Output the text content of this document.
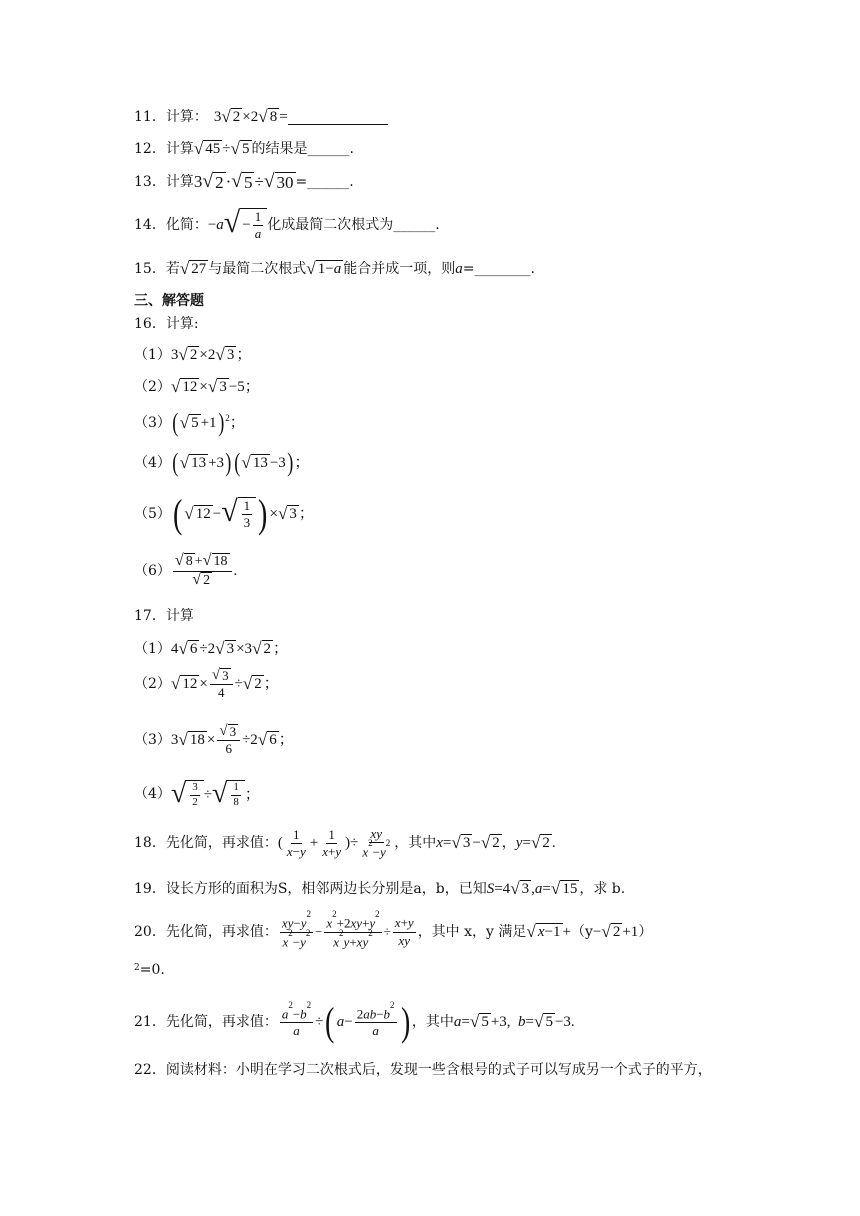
11．计算： 3 √ 2 ×2 √ 8 =
12．计算 √ 45 ÷ √ 5 的结果是______.
13．计算 3 √ 2 · √ 5 ÷ √ 30 =______.
14．化简： − a √ − $\frac{1}{a}$ 化成最简二次根式为______.
15．若 √ 27 与最简二次根式 √ 1−a 能合并成一项，则 a =________.
三、解答题
16．计算:
（1） 3 √ 2 ×2 √ 3 ；
（2） √ 12 × √ 3 −5；
（3） ( √ 5 +1 ) 2 ；
（4） ( √ 13 +3 ) ( √ 13 −3 ) ；
（5） ( √ 12 − √ $\frac{1}{3}$ ) × √ 3 ；
$(6) \frac{√ 8 + √ 18}{√ 2}$ .
17．计算
（1） 4 √ 6 ÷2 √ 3 ×3 √ 2 ；
（2） √ $12 \times \frac{√ 3}{4}$ ÷ √ 2 ；
（3） 3 √ $18 \times \frac{√ 3}{6} \div 2$ √ 6 ；
（4） √ $\frac{3}{2}$ ÷ √ $\frac{1}{8}$ ；
18．先化简，再求值： ( $\frac{1}{x-y} + \frac{1}{x+y}$ )÷ $\frac{xy}{x^2-y^2}$ ，其中 x = √ 3 − √ 2 ， y = √ 2 .
19．设长方形的面积为S，相邻两边长分别是a，b，已知 S =4 √ 3 , a = √ 15 ，求 b.
20．先化简，再求值： $\frac{xy-y^2}{x^2-y^2} - \frac{x^2+2xy+y^2}{x^2y+xy^2} \div \frac{x+y}{xy}$ ，其中 x，y 满足 √ x−1 + （y − √ 2 +1 ）
2 =0.
21．先化简，再求值： $\frac{a^2-b^2}{a}$ ÷ ( $a - \frac{2ab-b^2}{a}$ ) ，其中 a = √ 5 +3, b = √ 5 −3.
22．阅读材料：小明在学习二次根式后，发现一些含根号的式子可以写成另一个式子的平方，
